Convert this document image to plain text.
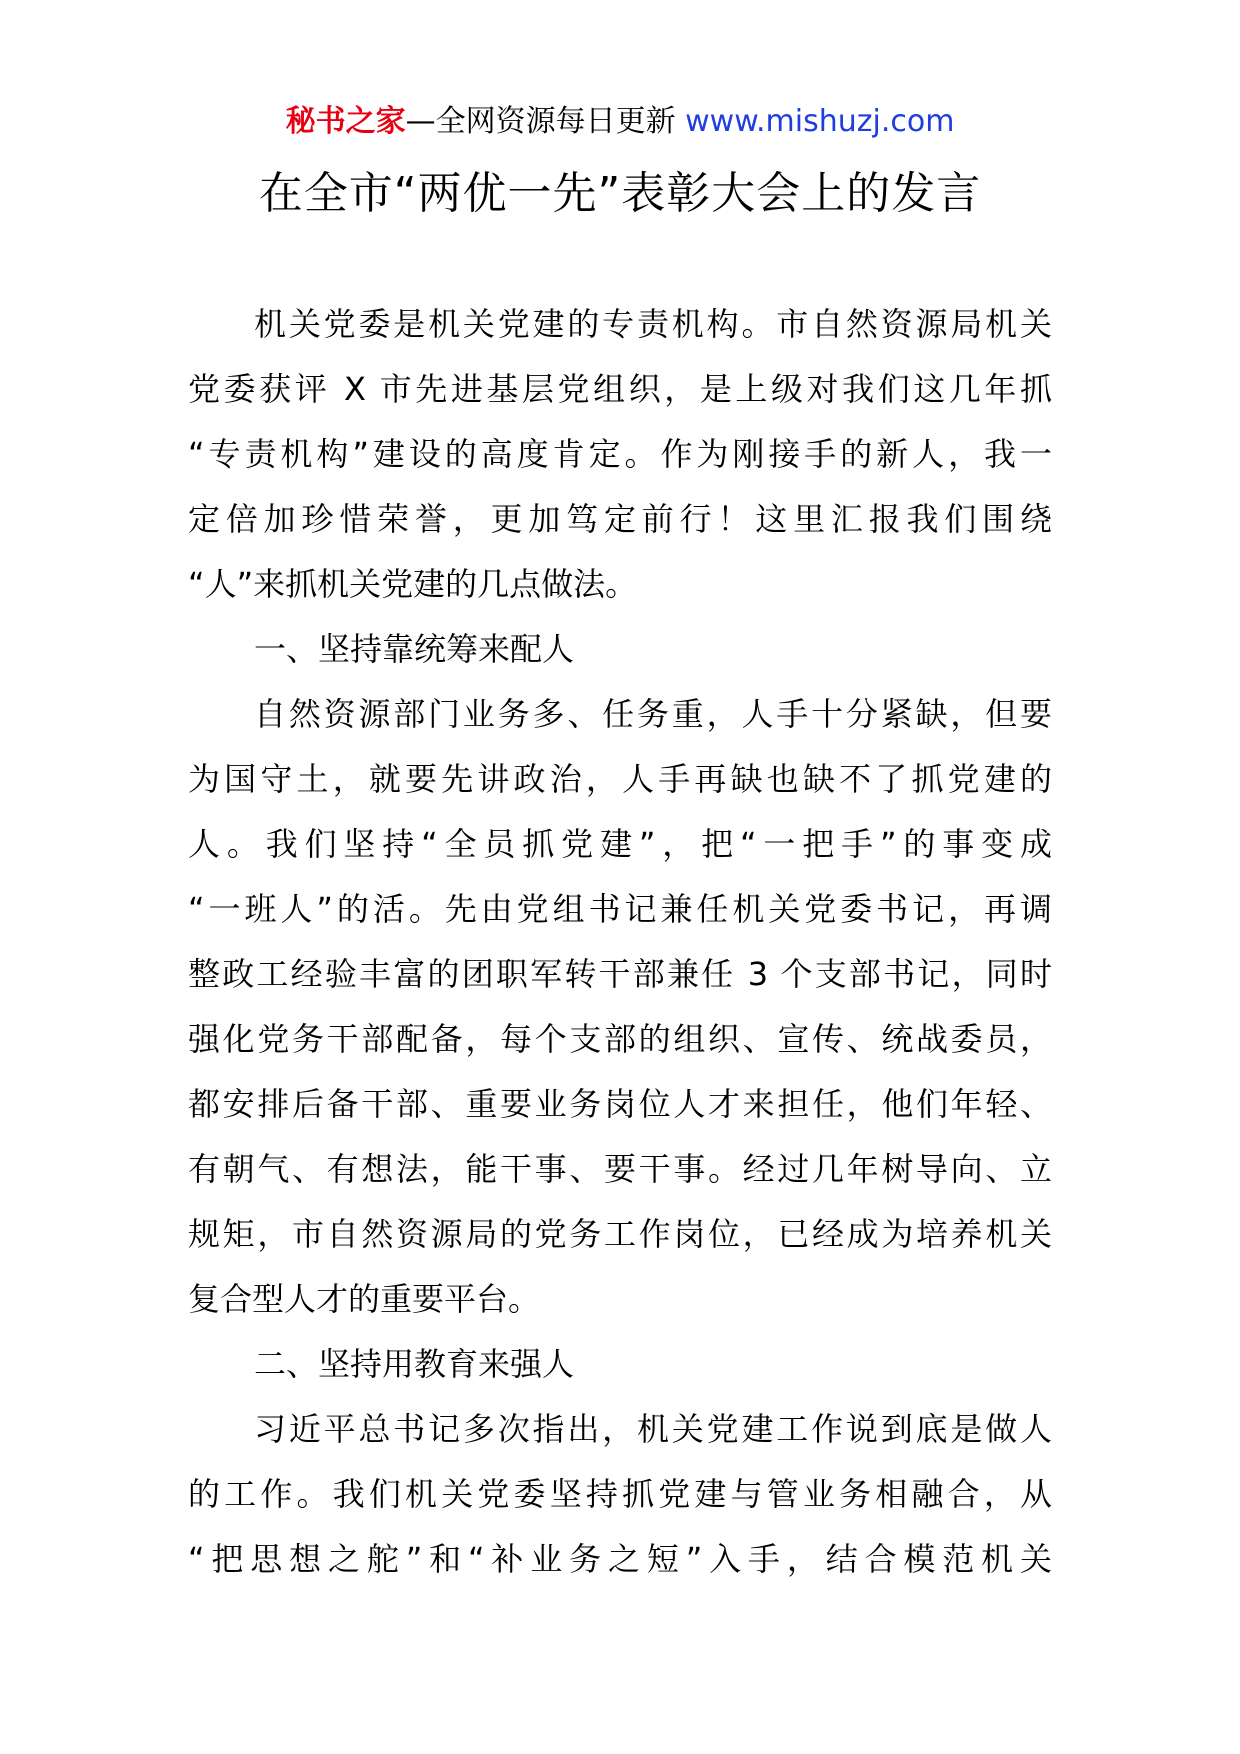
秘书之家—全网资源每日更新 www.mishuzj.com
在全市“两优一先”表彰大会上的发言
机关党委是机关党建的专责机构。市自然资源局机关
党委获评 X 市先进基层党组织，是上级对我们这几年抓
“专责机构”建设的高度肯定。作为刚接手的新人，我一
定倍加珍惜荣誉，更加笃定前行！这里汇报我们围绕
“人”来抓机关党建的几点做法。
一、坚持靠统筹来配人
自然资源部门业务多、任务重，人手十分紧缺，但要
为国守土，就要先讲政治，人手再缺也缺不了抓党建的
人。我们坚持“全员抓党建”，把“一把手”的事变成
“一班人”的活。先由党组书记兼任机关党委书记，再调
整政工经验丰富的团职军转干部兼任 3 个支部书记，同时
强化党务干部配备，每个支部的组织、宣传、统战委员，
都安排后备干部、重要业务岗位人才来担任，他们年轻、
有朝气、有想法，能干事、要干事。经过几年树导向、立
规矩，市自然资源局的党务工作岗位，已经成为培养机关
复合型人才的重要平台。
二、坚持用教育来强人
习近平总书记多次指出，机关党建工作说到底是做人
的工作。我们机关党委坚持抓党建与管业务相融合，从
“把思想之舵”和“补业务之短”入手，结合模范机关
